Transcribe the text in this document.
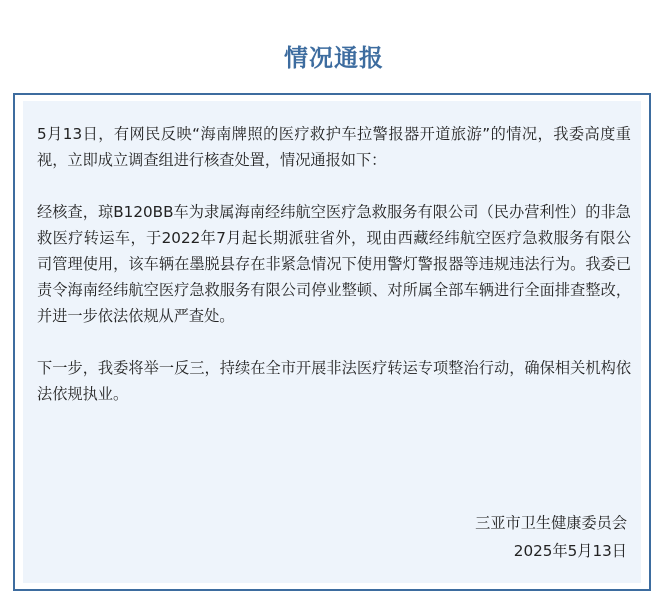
情况通报

5月13日，有网民反映“海南牌照的医疗救护车拉警报器开道旅游”的情况，我委高度重视，立即成立调查组进行核查处置，情况通报如下：

经核查，琼B120BB车为隶属海南经纬航空医疗急救服务有限公司（民办营利性）的非急救医疗转运车，于2022年7月起长期派驻省外，现由西藏经纬航空医疗急救服务有限公司管理使用，该车辆在墨脱县存在非紧急情况下使用警灯警报器等违规违法行为。我委已责令海南经纬航空医疗急救服务有限公司停业整顿、对所属全部车辆进行全面排查整改，并进一步依法依规从严查处。

下一步，我委将举一反三，持续在全市开展非法医疗转运专项整治行动，确保相关机构依法依规执业。

三亚市卫生健康委员会
2025年5月13日
